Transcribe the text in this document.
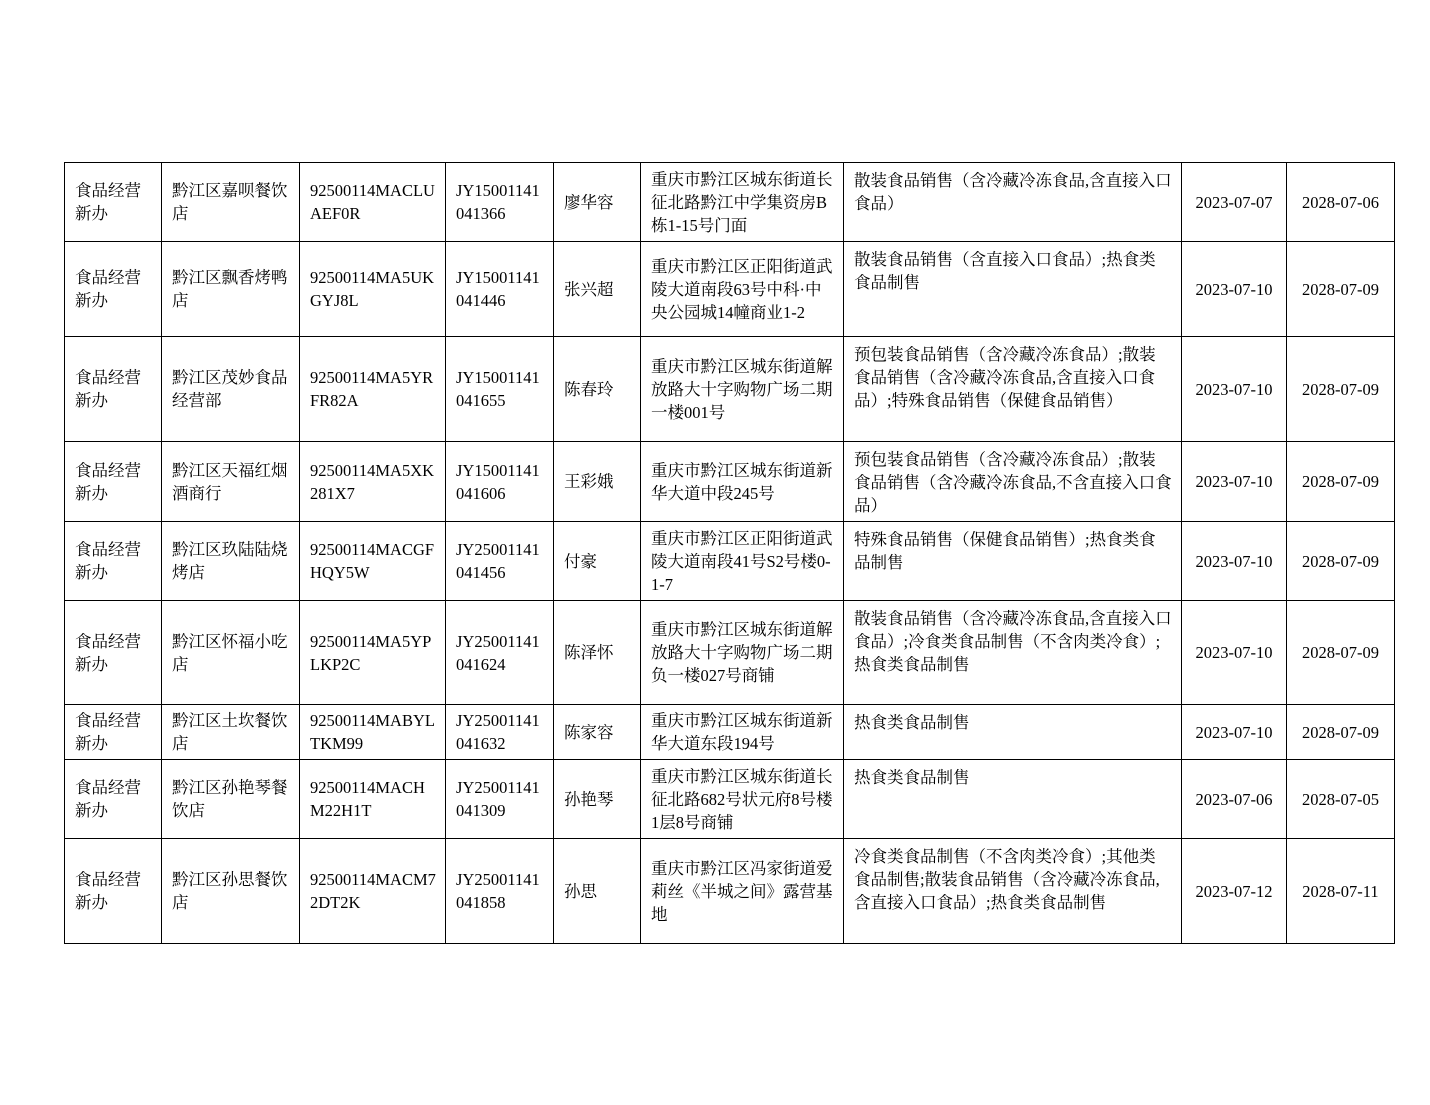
食品经营新办	黔江区嘉呗餐饮店	92500114MACLUAEF0R	JY15001141041366	廖华容	重庆市黔江区城东街道长征北路黔江中学集资房B栋1-15号门面	散装食品销售（含冷藏冷冻食品,含直接入口食品）	2023-07-07	2028-07-06
食品经营新办	黔江区飘香烤鸭店	92500114MA5UKGYJ8L	JY15001141041446	张兴超	重庆市黔江区正阳街道武陵大道南段63号中科·中央公园城14幢商业1-2	散装食品销售（含直接入口食品）;热食类食品制售	2023-07-10	2028-07-09
食品经营新办	黔江区茂妙食品经营部	92500114MA5YRFR82A	JY15001141041655	陈春玲	重庆市黔江区城东街道解放路大十字购物广场二期一楼001号	预包装食品销售（含冷藏冷冻食品）;散装食品销售（含冷藏冷冻食品,含直接入口食品）;特殊食品销售（保健食品销售）	2023-07-10	2028-07-09
食品经营新办	黔江区天福红烟酒商行	92500114MA5XK281X7	JY15001141041606	王彩娥	重庆市黔江区城东街道新华大道中段245号	预包装食品销售（含冷藏冷冻食品）;散装食品销售（含冷藏冷冻食品,不含直接入口食品）	2023-07-10	2028-07-09
食品经营新办	黔江区玖陆陆烧烤店	92500114MACGFHQY5W	JY25001141041456	付豪	重庆市黔江区正阳街道武陵大道南段41号S2号楼0-1-7	特殊食品销售（保健食品销售）;热食类食品制售	2023-07-10	2028-07-09
食品经营新办	黔江区怀福小吃店	92500114MA5YPLKP2C	JY25001141041624	陈泽怀	重庆市黔江区城东街道解放路大十字购物广场二期负一楼027号商铺	散装食品销售（含冷藏冷冻食品,含直接入口食品）;冷食类食品制售（不含肉类冷食）;热食类食品制售	2023-07-10	2028-07-09
食品经营新办	黔江区土坎餐饮店	92500114MABYLTKM99	JY25001141041632	陈家容	重庆市黔江区城东街道新华大道东段194号	热食类食品制售	2023-07-10	2028-07-09
食品经营新办	黔江区孙艳琴餐饮店	92500114MACHM22H1T	JY25001141041309	孙艳琴	重庆市黔江区城东街道长征北路682号状元府8号楼1层8号商铺	热食类食品制售	2023-07-06	2028-07-05
食品经营新办	黔江区孙思餐饮店	92500114MACM72DT2K	JY25001141041858	孙思	重庆市黔江区冯家街道爱莉丝《半城之间》露营基地	冷食类食品制售（不含肉类冷食）;其他类食品制售;散装食品销售（含冷藏冷冻食品,含直接入口食品）;热食类食品制售	2023-07-12	2028-07-11
